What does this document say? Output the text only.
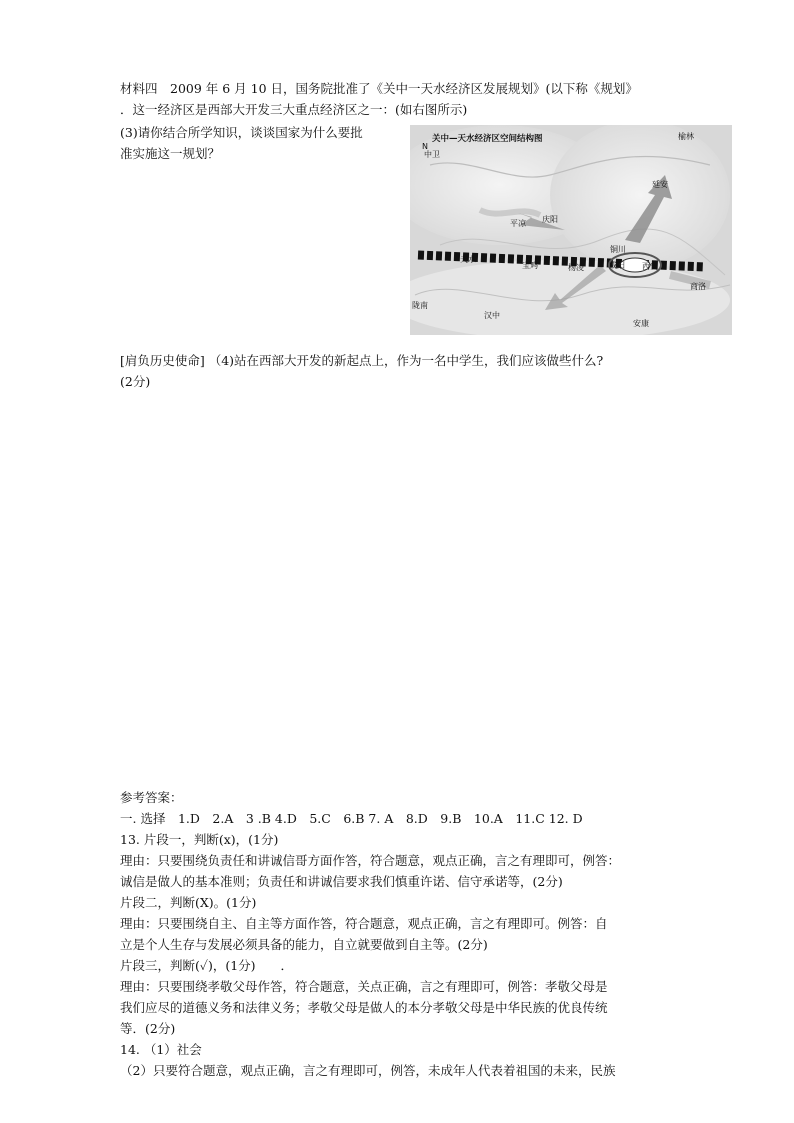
材料四　2009 年 6 月 10 日，国务院批准了《关中一天水经济区发展规划》(以下称《规划》
．这一经济区是西部大开发三大重点经济区之一：(如右图所示)
(3)请你结合所学知识，谈谈国家为什么要批
准实施这一规划？
关中—天水经济区空间结构图
N
中卫
榆林
延安
平凉 庆阳
铜川
天水
宝鸡	杨凌	咸阳 西安
商洛
陇南
汉中
安康
[肩负历史使命] （4)站在西部大开发的新起点上，作为一名中学生，我们应该做些什么?
(2分)
参考答案：
一. 选择　1.D　2.A　3 .B 4.D　5.C　6.B 7. A　8.D　9.B　10.A　11.C 12. D
13. 片段一，判断(x)，(1分)
理由：只要围绕负责任和讲诚信哥方面作答，符合题意，观点正确，言之有理即可，例答：
诚信是做人的基本准则；负责任和讲诚信要求我们慎重许诺、信守承诺等，(2分)
片段二，判断(X)。(1分)
理由：只要围绕自主、自主等方面作答，符合题意，观点正确，言之有理即可。例答：自
立是个人生存与发展必须具备的能力，自立就要做到自主等。(2分)
片段三，判断(✓)，(1分)　　．
理由：只要围绕孝敬父母作答，符合题意，关点正确，言之有理即可，例答：孝敬父母是
我们应尽的道德义务和法律义务；孝敬父母是做人的本分孝敬父母是中华民族的优良传统
等．(2分)
14. （1）社会
（2）只要符合题意，观点正确，言之有理即可，例答，未成年人代表着祖国的未来，民族
